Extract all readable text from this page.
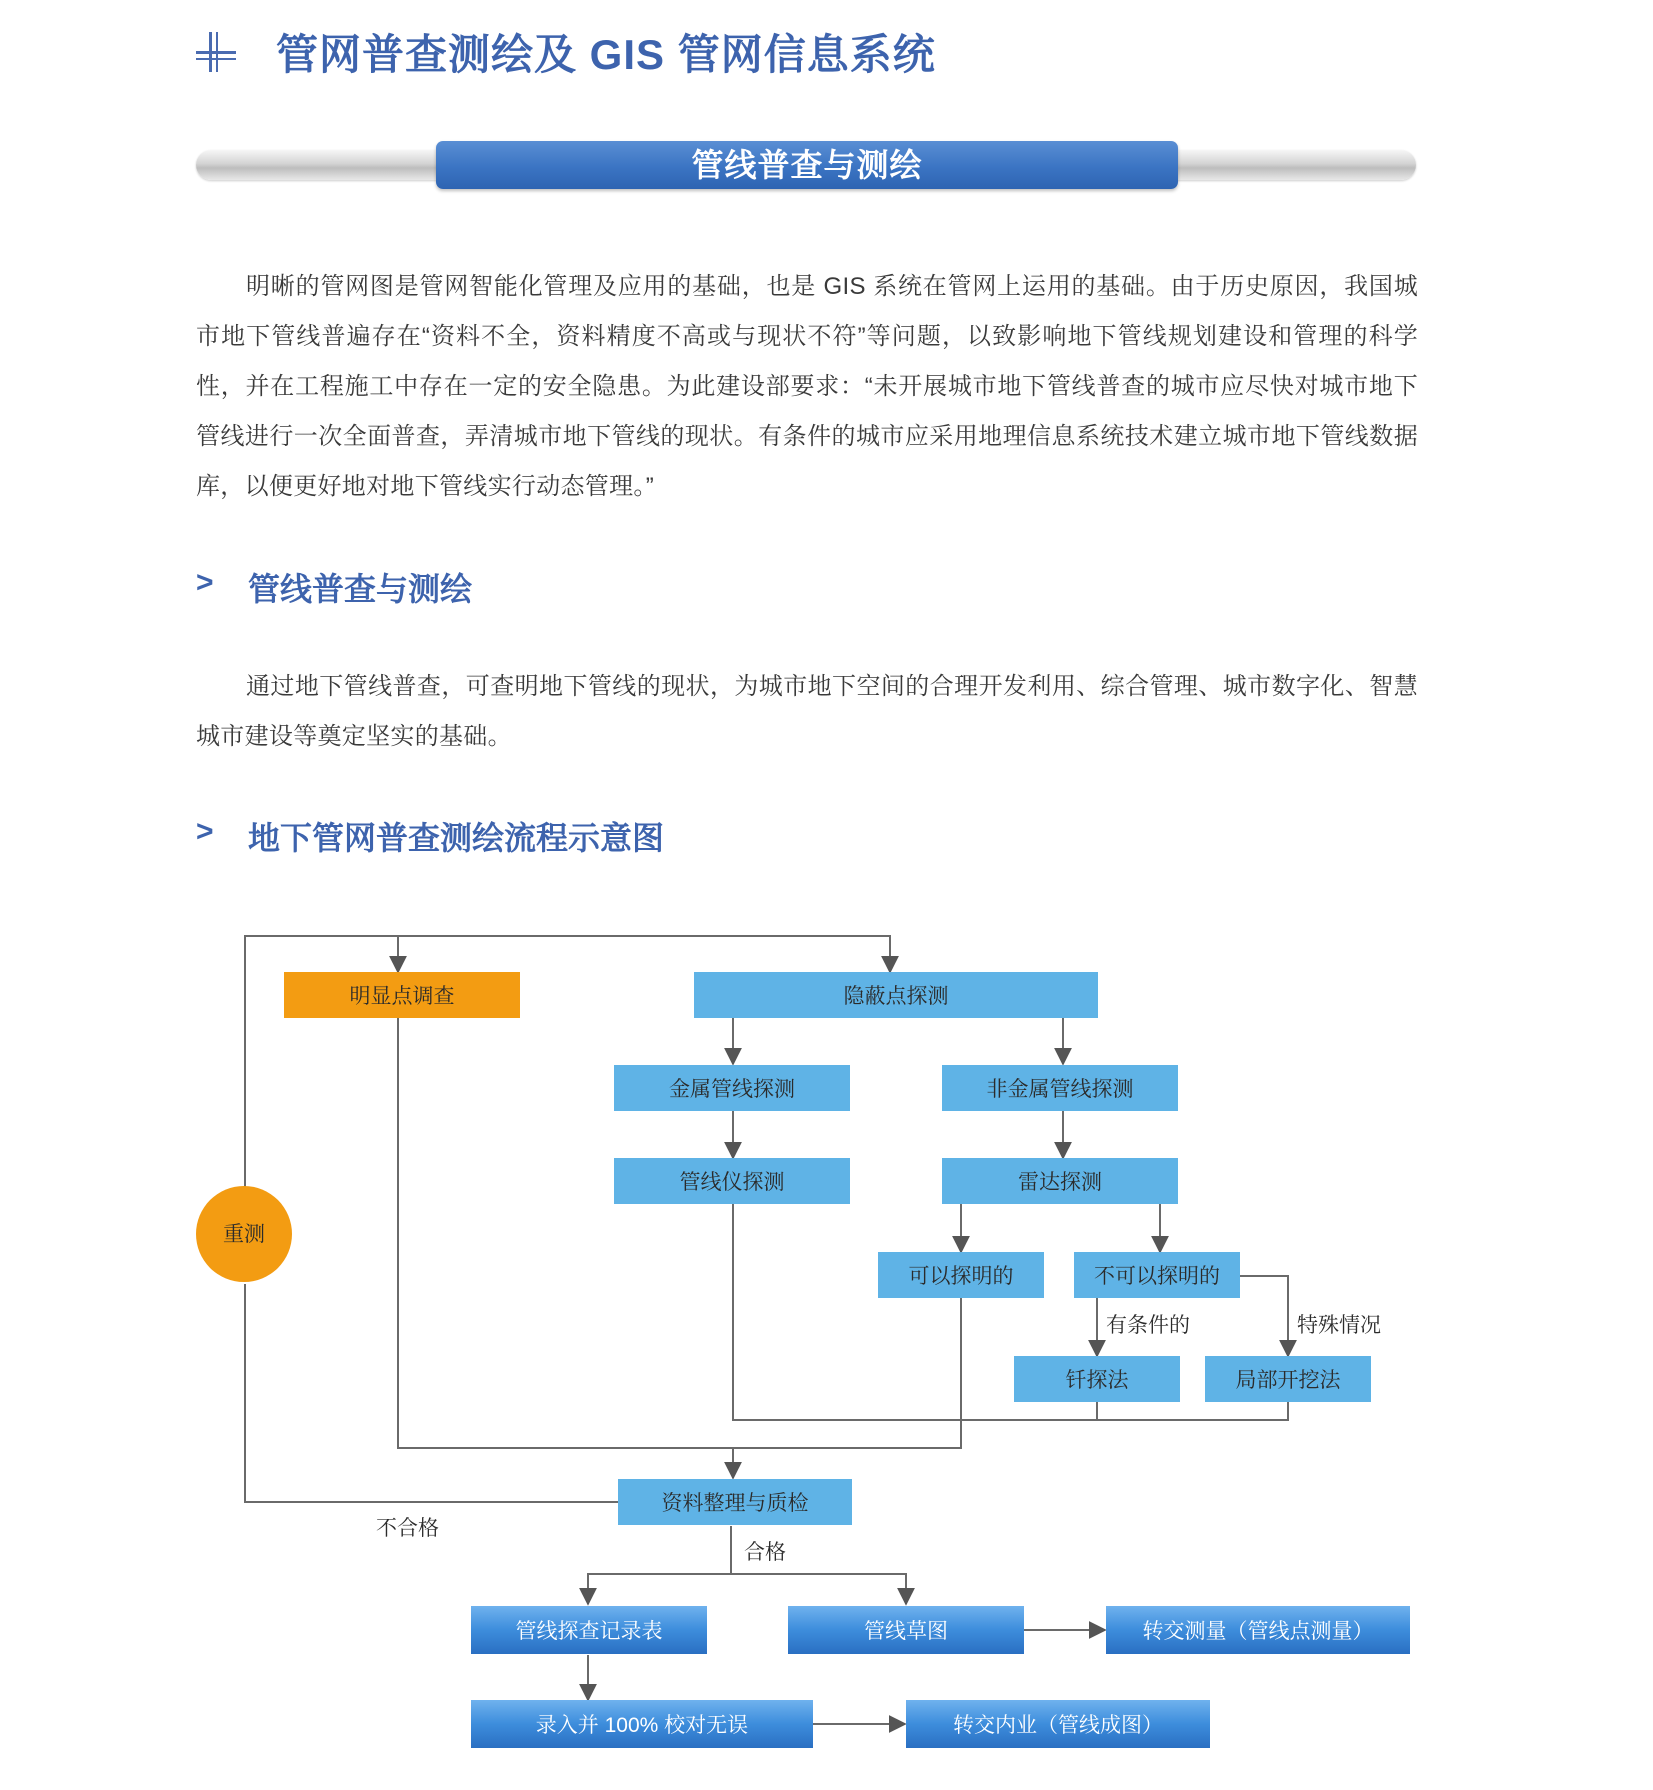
管网普查测绘及 GIS 管网信息系统
管线普查与测绘
明晰的管网图是管网智能化管理及应用的基础，也是 GIS 系统在管网上运用的基础。由于历史原因，我国城市地下管线普遍存在“资料不全，资料精度不高或与现状不符”等问题，以致影响地下管线规划建设和管理的科学性，并在工程施工中存在一定的安全隐患。为此建设部要求：“未开展城市地下管线普查的城市应尽快对城市地下管线进行一次全面普查，弄清城市地下管线的现状。有条件的城市应采用地理信息系统技术建立城市地下管线数据库，以便更好地对地下管线实行动态管理。”
> 管线普查与测绘
通过地下管线普查，可查明地下管线的现状，为城市地下空间的合理开发利用、综合管理、城市数字化、智慧城市建设等奠定坚实的基础。
> 地下管网普查测绘流程示意图
明显点调查	隐蔽点探测
金属管线探测	非金属管线探测
管线仪探测	雷达探测
可以探明的	不可以探明的
钎探法	局部开挖法
资料整理与质检
管线探查记录表	管线草图	转交测量（管线点测量）
录入并 100% 校对无误	转交内业（管线成图）
重测
有条件的	特殊情况
不合格
合格
